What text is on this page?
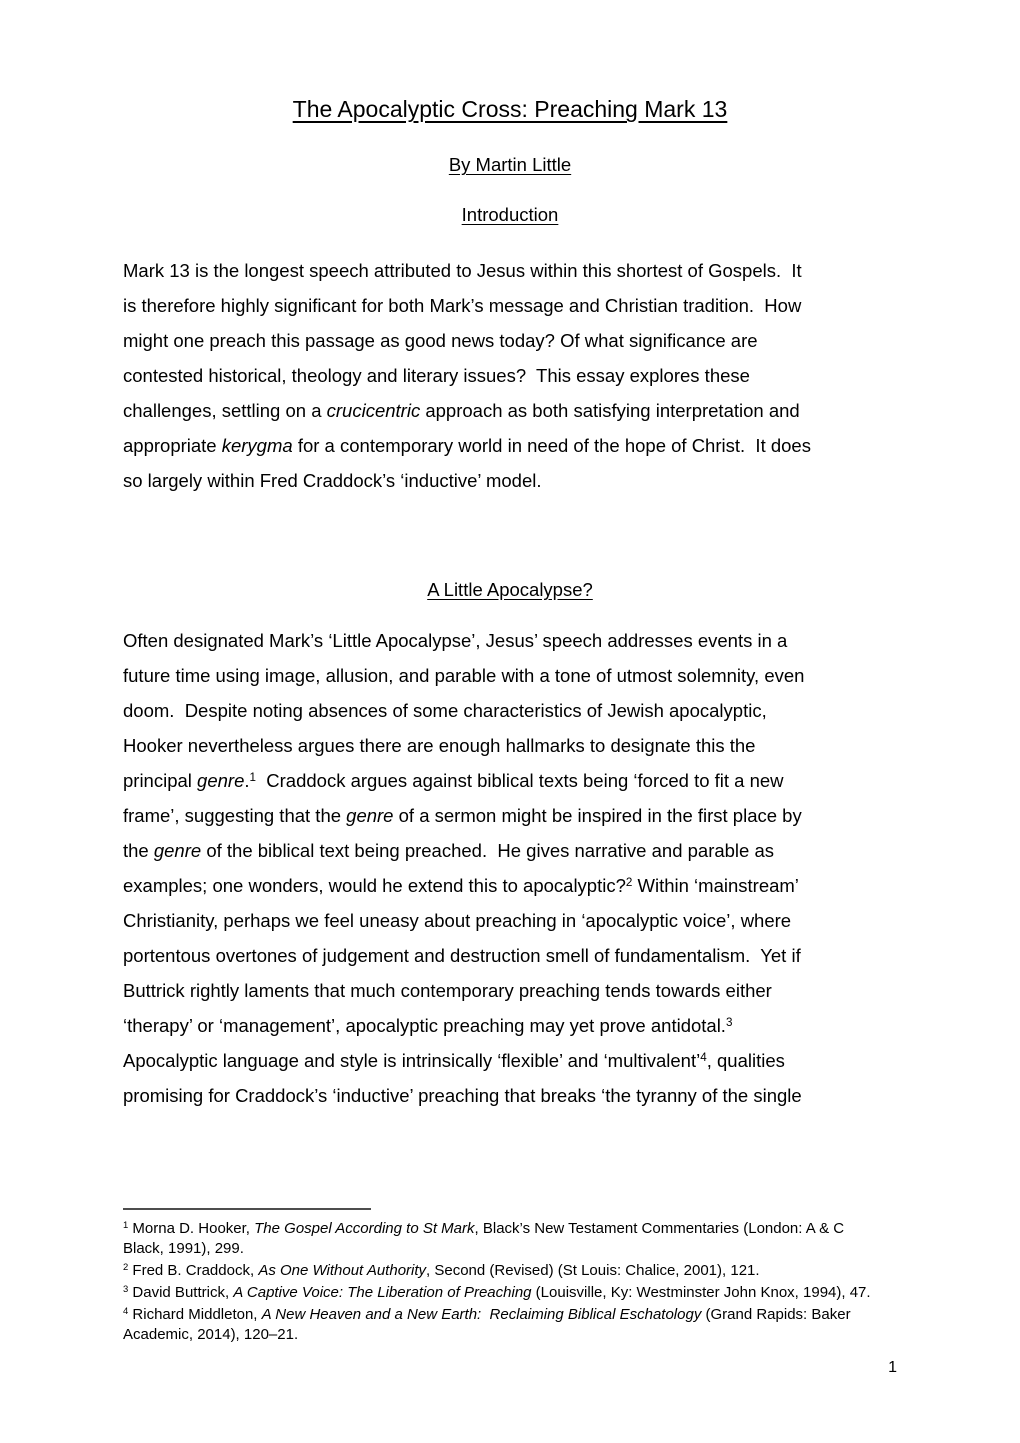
The Apocalyptic Cross: Preaching Mark 13
By Martin Little
Introduction
Mark 13 is the longest speech attributed to Jesus within this shortest of Gospels.  It
is therefore highly significant for both Mark’s message and Christian tradition.  How
might one preach this passage as good news today? Of what significance are
contested historical, theology and literary issues?  This essay explores these
challenges, settling on a crucicentric approach as both satisfying interpretation and
appropriate kerygma for a contemporary world in need of the hope of Christ.  It does
so largely within Fred Craddock’s ‘inductive’ model.
A Little Apocalypse?
Often designated Mark’s ‘Little Apocalypse’, Jesus’ speech addresses events in a
future time using image, allusion, and parable with a tone of utmost solemnity, even
doom.  Despite noting absences of some characteristics of Jewish apocalyptic,
Hooker nevertheless argues there are enough hallmarks to designate this the
principal genre.$^1$  Craddock argues against biblical texts being ‘forced to fit a new
frame’, suggesting that the genre of a sermon might be inspired in the first place by
the genre of the biblical text being preached.  He gives narrative and parable as
examples; one wonders, would he extend this to apocalyptic?$^2$ Within ‘mainstream’
Christianity, perhaps we feel uneasy about preaching in ‘apocalyptic voice’, where
portentous overtones of judgement and destruction smell of fundamentalism.  Yet if
Buttrick rightly laments that much contemporary preaching tends towards either
‘therapy’ or ‘management’, apocalyptic preaching may yet prove antidotal.$^3$
Apocalyptic language and style is intrinsically ‘flexible’ and ‘multivalent’$^4$, qualities
promising for Craddock’s ‘inductive’ preaching that breaks ‘the tyranny of the single
$^1$ Morna D. Hooker, The Gospel According to St Mark, Black’s New Testament Commentaries (London: A & C
Black, 1991), 299.
$^2$ Fred B. Craddock, As One Without Authority, Second (Revised) (St Louis: Chalice, 2001), 121.
$^3$ David Buttrick, A Captive Voice: The Liberation of Preaching (Louisville, Ky: Westminster John Knox, 1994), 47.
$^4$ Richard Middleton, A New Heaven and a New Earth:  Reclaiming Biblical Eschatology (Grand Rapids: Baker
Academic, 2014), 120–21.
1
